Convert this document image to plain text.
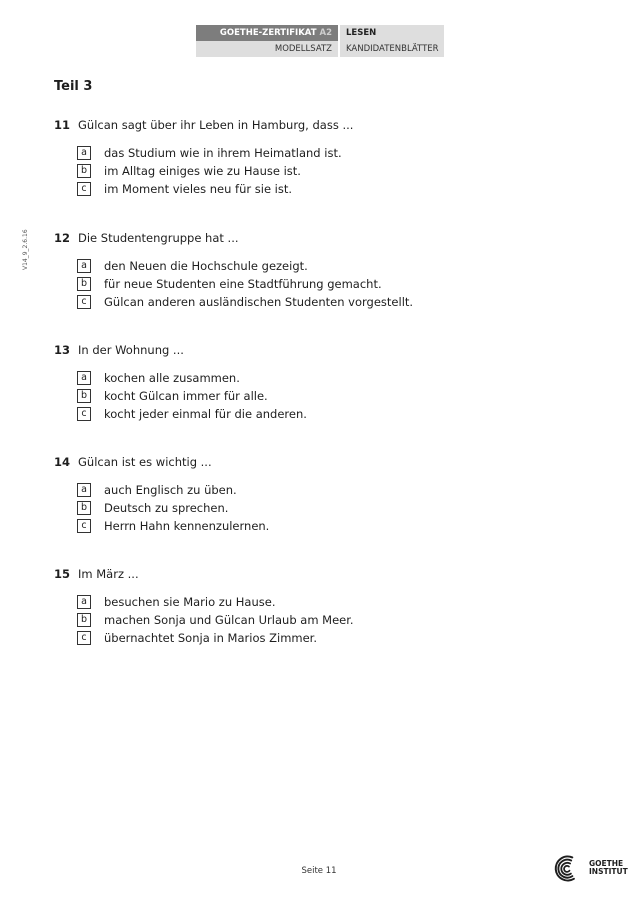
GOETHE-ZERTIFIKAT A2	LESEN
MODELLSATZ	KANDIDATENBLÄTTER
V14_9_2.6.16
Teil 3
11 Gülcan sagt über ihr Leben in Hamburg, dass ...
a	das Studium wie in ihrem Heimatland ist.
b	im Alltag einiges wie zu Hause ist.
c	im Moment vieles neu für sie ist.
12 Die Studentengruppe hat ...
a	den Neuen die Hochschule gezeigt.
b	für neue Studenten eine Stadtführung gemacht.
c	Gülcan anderen ausländischen Studenten vorgestellt.
13 In der Wohnung ...
a	kochen alle zusammen.
b	kocht Gülcan immer für alle.
c	kocht jeder einmal für die anderen.
14 Gülcan ist es wichtig ...
a	auch Englisch zu üben.
b	Deutsch zu sprechen.
c	Herrn Hahn kennenzulernen.
15 Im März ...
a	besuchen sie Mario zu Hause.
b	machen Sonja und Gülcan Urlaub am Meer.
c	übernachtet Sonja in Marios Zimmer.
Seite 11
GOETHE
INSTITUT
